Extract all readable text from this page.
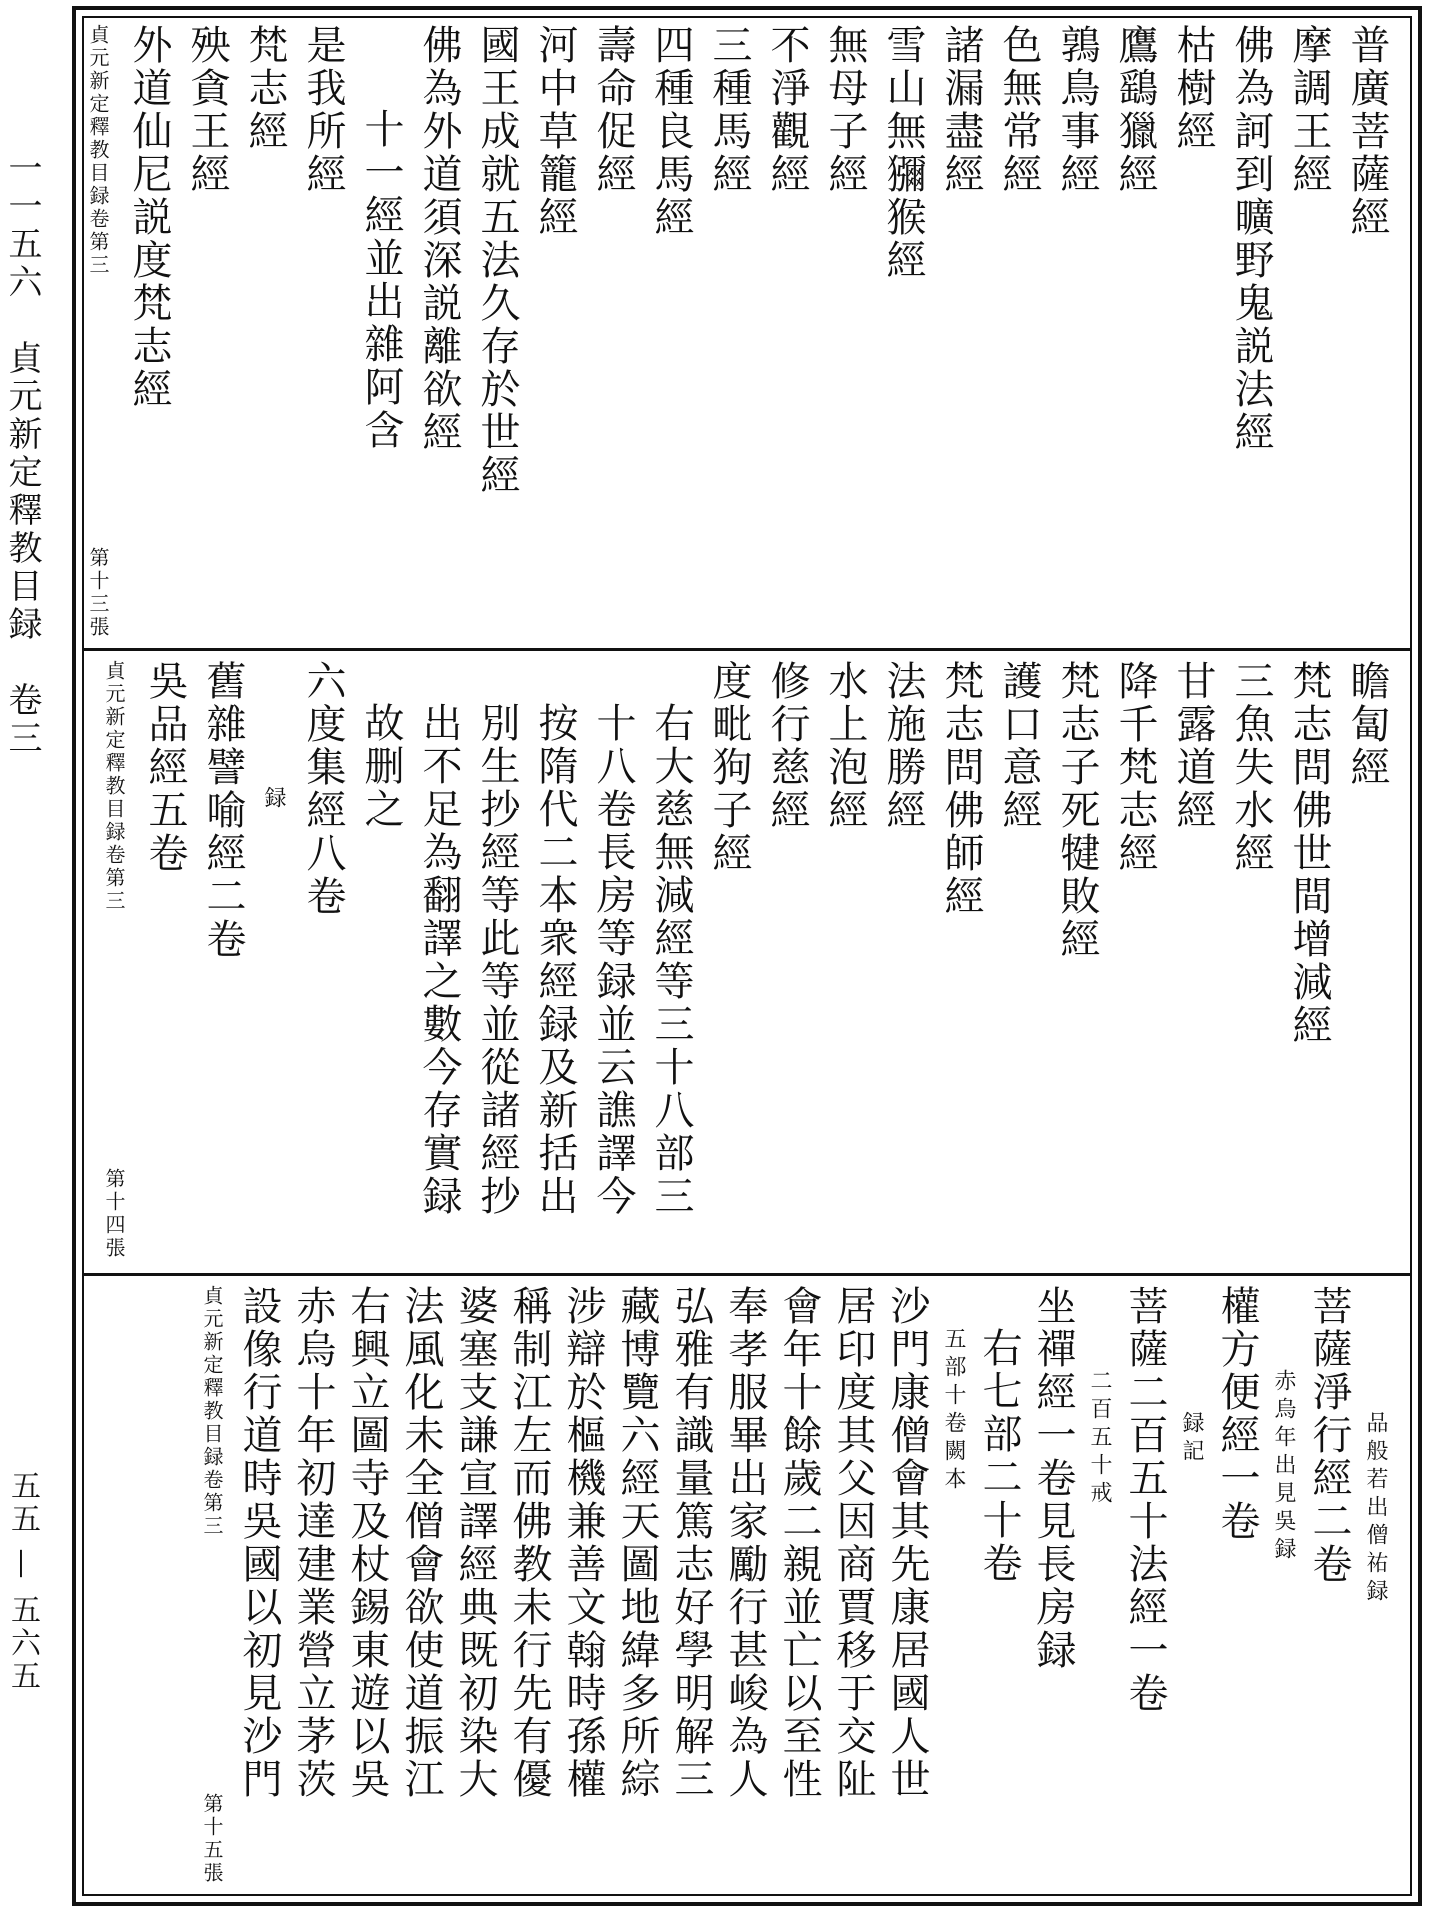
一一五六　貞元新定釋教目録　卷三
五五 — 五六五
普廣菩薩經
摩調王經
佛為訶到曠野鬼説法經
枯樹經
鷹鷂獵經
鶉鳥事經
色無常經
諸漏盡經
雪山無獼猴經
無母子經
不淨觀經
三種馬經
四種良馬經
壽命促經
河中草籠經
國王成就五法久存於世經
佛為外道須深説離欲經
十一經並出雜阿含
是我所經
梵志經
殃貪王經
外道仙尼説度梵志經
貞元新定釋教目録卷第三
第十三張
瞻匐經
梵志問佛世間增減經
三魚失水經
甘露道經
降千梵志經
梵志子死犍敗經
護口意經
梵志問佛師經
法施勝經
水上泡經
修行慈經
度毗狗子經
右大慈無減經等三十八部三
十八卷長房等録並云譙譯今
按隋代二本衆經録及新括出
別生抄經等此等並從諸經抄
出不足為翻譯之數今存實録
故删之
六度集經八卷
録
舊雜譬喻經二卷
吳品經五卷
貞元新定釋教目録卷第三
第十四張
品般若出僧祐録
菩薩淨行經二卷
赤烏年出見吳録
權方便經一卷
録記
菩薩二百五十法經一卷
二百五十戒
坐禪經一卷見長房録
右七部二十卷
五部十卷闕本
沙門康僧會其先康居國人世
居印度其父因商賈移于交阯
會年十餘歲二親並亡以至性
奉孝服畢出家勵行甚峻為人
弘雅有識量篤志好學明解三
藏博覽六經天圖地緯多所綜
涉辯於樞機兼善文翰時孫權
稱制江左而佛教未行先有優
婆塞支謙宣譯經典既初染大
法風化未全僧會欲使道振江
右興立圖寺及杖錫東遊以吳
赤烏十年初達建業營立茅茨
設像行道時吳國以初見沙門
貞元新定釋教目録卷第三
第十五張
